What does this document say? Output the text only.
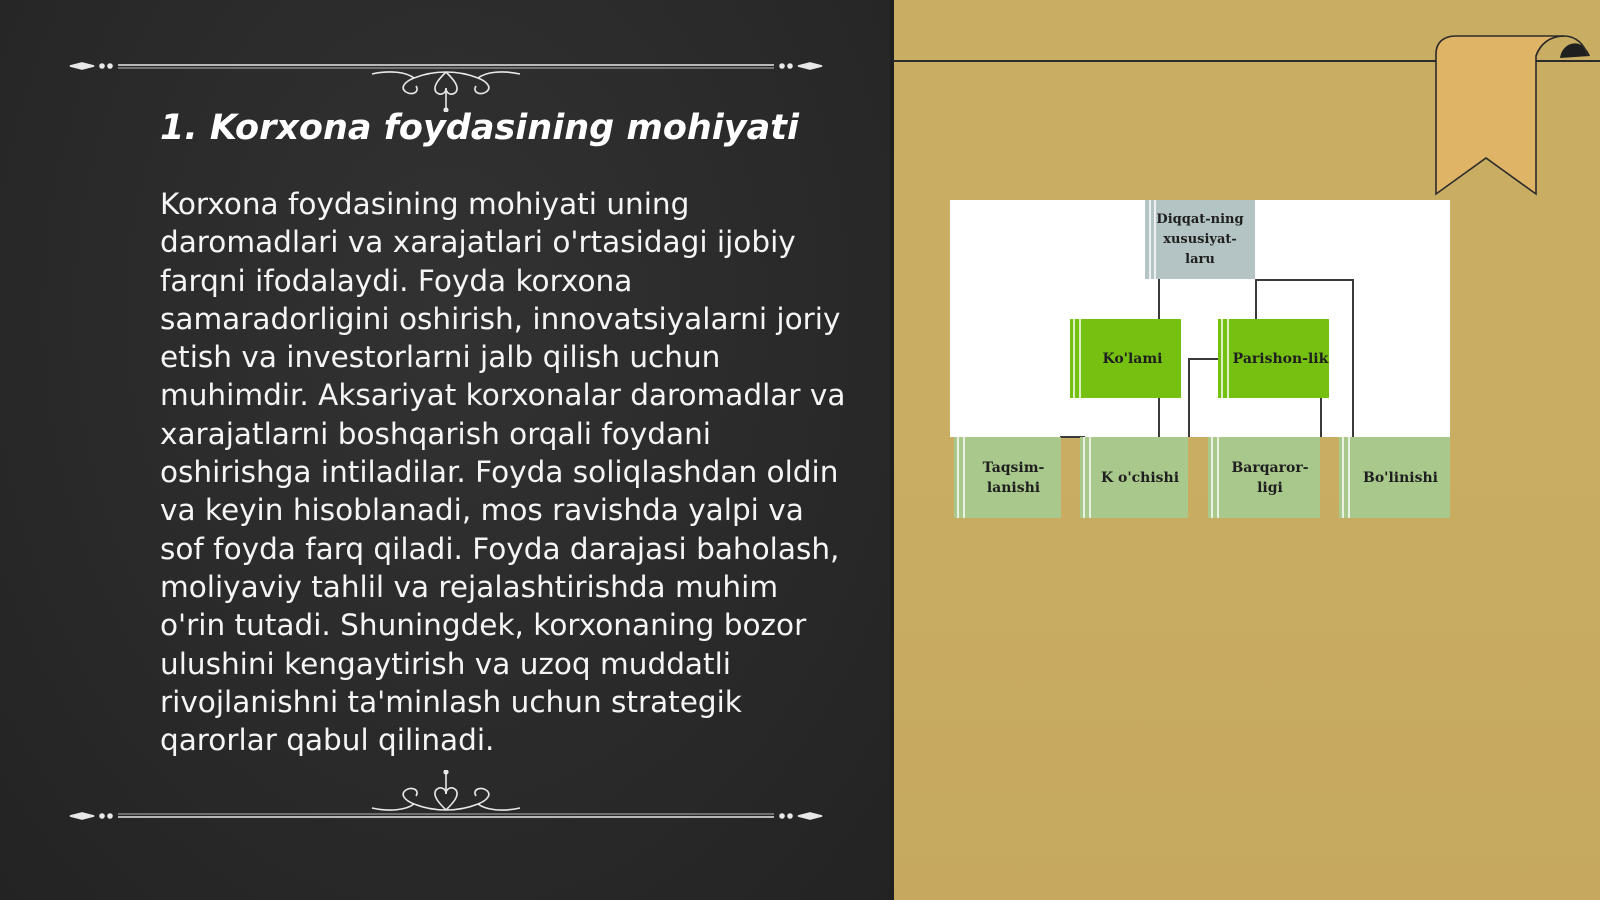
1. Korxona foydasining mohiyati

Korxona foydasining mohiyati uning daromadlari va xarajatlari o'rtasidagi ijobiy farqni ifodalaydi. Foyda korxona samaradorligini oshirish, innovatsiyalarni joriy etish va investorlarni jalb qilish uchun muhimdir. Aksariyat korxonalar daromadlar va xarajatlarni boshqarish orqali foydani oshirishga intiladilar. Foyda soliqlashdan oldin va keyin hisoblanadi, mos ravishda yalpi va sof foyda farq qiladi. Foyda darajasi baholash, moliyaviy tahlil va rejalashtirishda muhim o'rin tutadi. Shuningdek, korxonaning bozor ulushini kengaytirish va uzoq muddatli rivojlanishni ta'minlash uchun strategik qarorlar qabul qilinadi.

Diqqat-ning
xususiyat-
laru
Ko'lami	Parishon-lik
Taqsim-
lanishi
K o'chishi
Barqaror-
ligi
Bo'linishi
